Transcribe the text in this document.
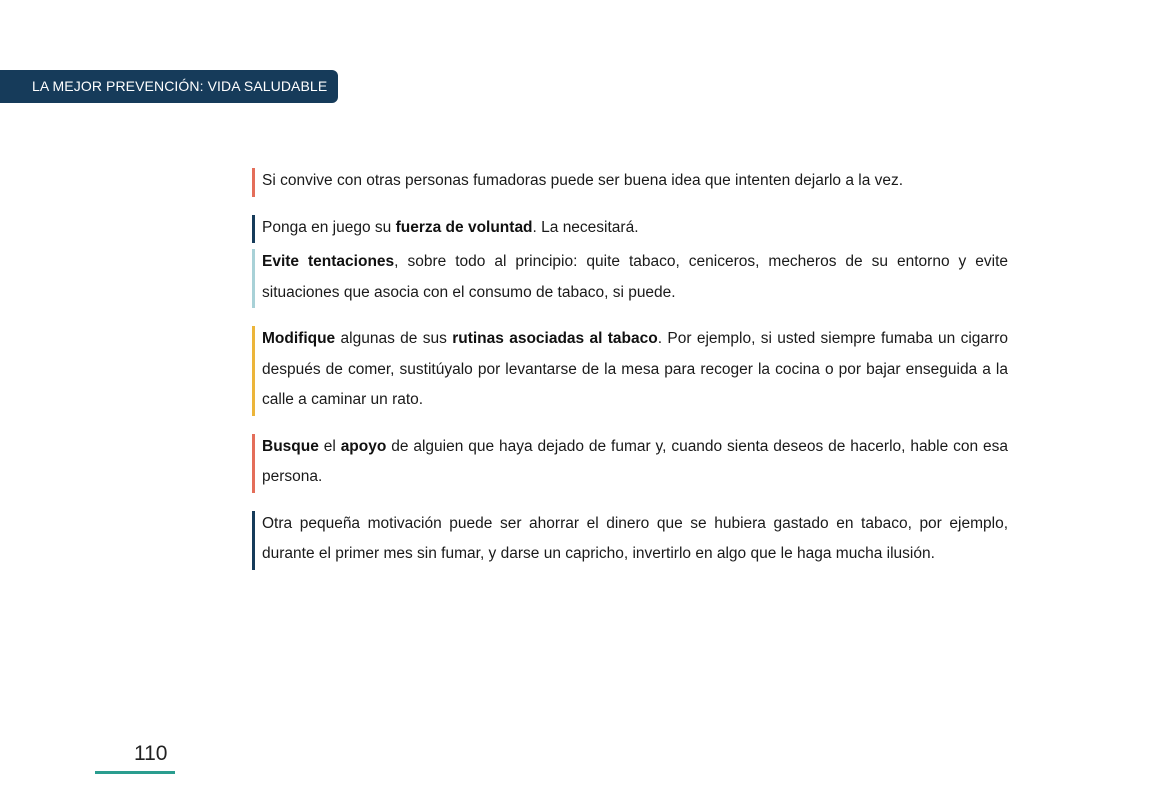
LA MEJOR PREVENCIÓN: VIDA SALUDABLE
Si convive con otras personas fumadoras puede ser buena idea que intenten dejarlo a la vez.
Ponga en juego su fuerza de voluntad. La necesitará.
Evite tentaciones, sobre todo al principio: quite tabaco, ceniceros, mecheros de su entorno y evite situaciones que asocia con el consumo de tabaco, si puede.
Modifique algunas de sus rutinas asociadas al tabaco. Por ejemplo, si usted siempre fumaba un cigarro después de comer, sustitúyalo por levantarse de la mesa para recoger la cocina o por bajar enseguida a la calle a caminar un rato.
Busque el apoyo de alguien que haya dejado de fumar y, cuando sienta deseos de hacerlo, hable con esa persona.
Otra pequeña motivación puede ser ahorrar el dinero que se hubiera gastado en tabaco, por ejemplo, durante el primer mes sin fumar, y darse un capricho, invertirlo en algo que le haga mucha ilusión.
110
